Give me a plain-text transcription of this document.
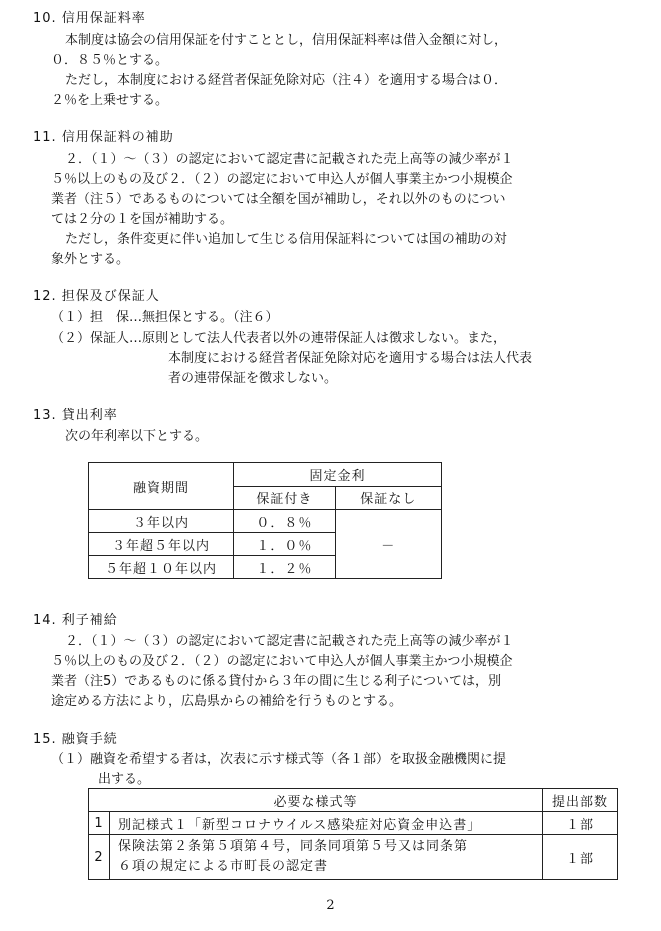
10. 信用保証料率
本制度は協会の信用保証を付すこととし，信用保証料率は借入金額に対し，
０．８５％とする。
ただし，本制度における経営者保証免除対応（注４）を適用する場合は０．
２％を上乗せする。
11. 信用保証料の補助
２．（１）～（３）の認定において認定書に記載された売上高等の減少率が１
５％以上のもの及び２．（２）の認定において申込人が個人事業主かつ小規模企
業者（注５）であるものについては全額を国が補助し，それ以外のものについ
ては２分の１を国が補助する。
ただし，条件変更に伴い追加して生じる信用保証料については国の補助の対
象外とする。
12. 担保及び保証人
（１）担　保…無担保とする。（注６）
（２）保証人…原則として法人代表者以外の連帯保証人は徴求しない。また，
本制度における経営者保証免除対応を適用する場合は法人代表
者の連帯保証を徴求しない。
13. 貸出利率
次の年利率以下とする。
融資期間	固定金利	
	保証付き	保証なし
３年以内	０．８％	－
３年超５年以内	１．０％	
５年超１０年以内	１．２％	
14. 利子補給
２．（１）～（３）の認定において認定書に記載された売上高等の減少率が１
５％以上のもの及び２．（２）の認定において申込人が個人事業主かつ小規模企
業者（注5）であるものに係る貸付から３年の間に生じる利子については，別
途定める方法により，広島県からの補給を行うものとする。
15. 融資手続
（１）融資を希望する者は，次表に示す様式等（各１部）を取扱金融機関に提
出する。
必要な様式等		提出部数
1	別記様式１「新型コロナウイルス感染症対応資金申込書」	１部
2	保険法第２条第５項第４号，同条同項第５号又は同条第
６項の規定による市町長の認定書	１部
2
